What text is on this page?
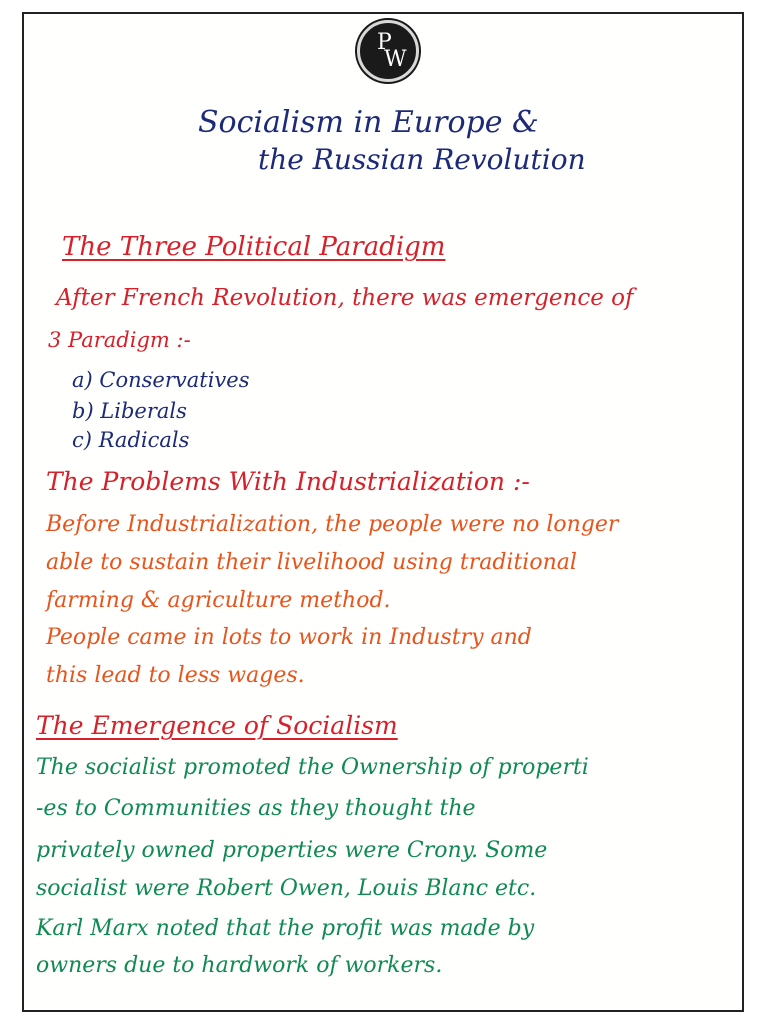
P
W
Socialism in Europe &
the Russian Revolution
The Three Political Paradigm
After French Revolution, there was emergence of
3 Paradigm :-
a) Conservatives
b) Liberals
c) Radicals
The Problems With Industrialization :-
Before Industrialization, the people were no longer
able to sustain their livelihood using traditional
farming & agriculture method.
People came in lots to work in Industry and
this lead to less wages.
The Emergence of Socialism
The socialist promoted the Ownership of properti
-es to Communities as they thought the
privately owned properties were Crony. Some
socialist were Robert Owen, Louis Blanc etc.
Karl Marx noted that the profit was made by
owners due to hardwork of workers.
